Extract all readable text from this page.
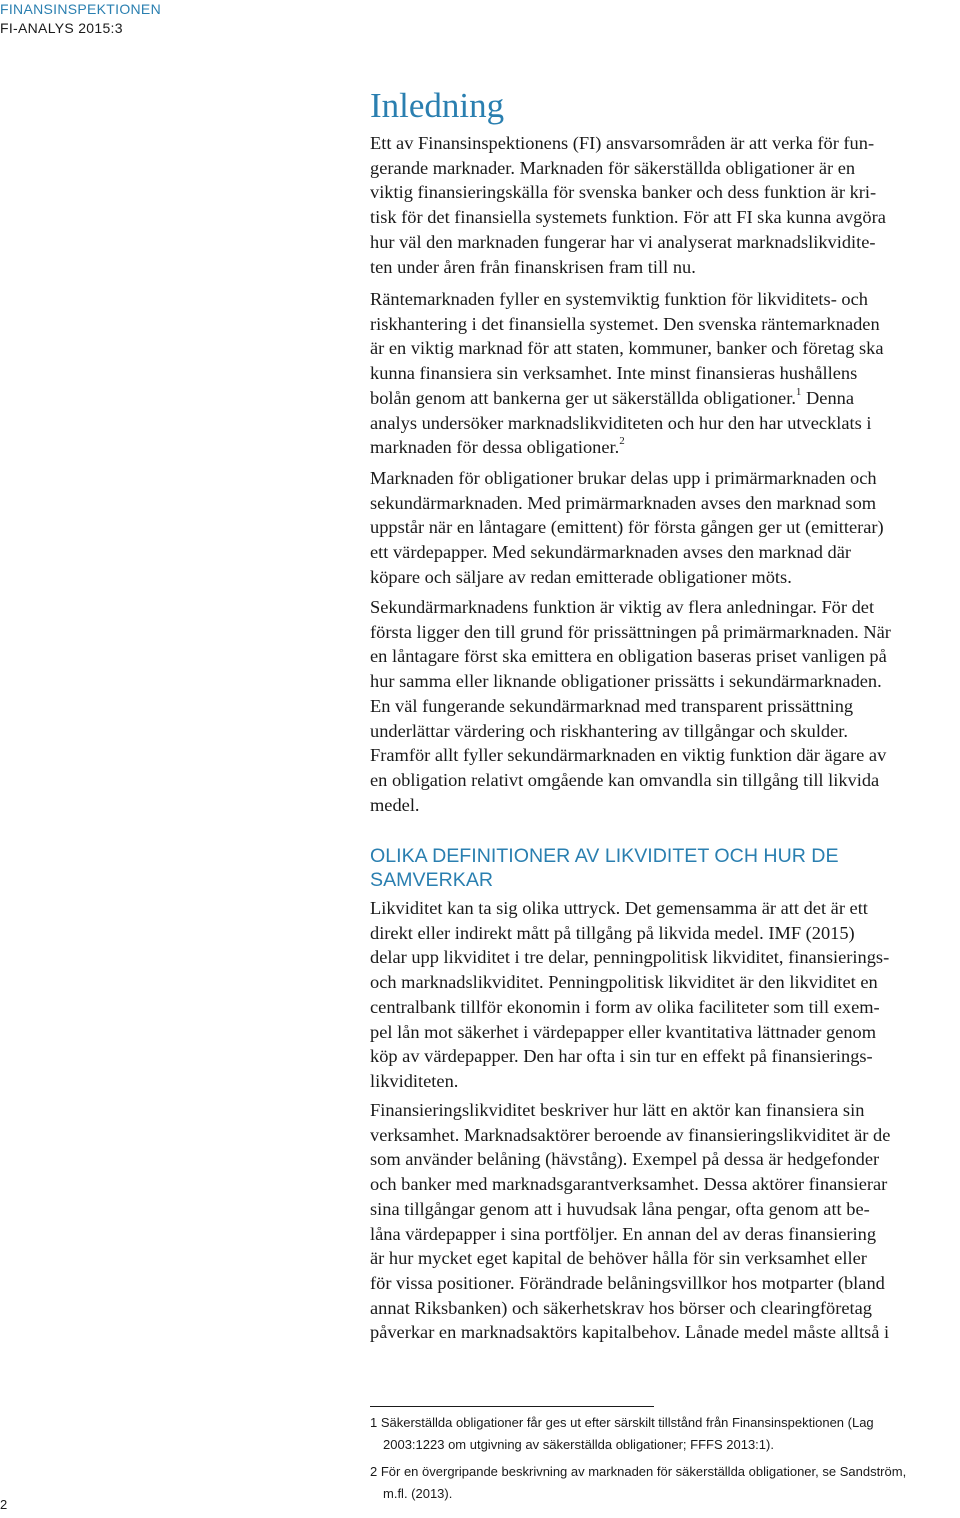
FINANSINSPEKTIONEN
FI-ANALYS 2015:3
Inledning

Ett av Finansinspektionens (FI) ansvarsområden är att verka för fun-
gerande marknader. Marknaden för säkerställda obligationer är en
viktig finansieringskälla för svenska banker och dess funktion är kri-
tisk för det finansiella systemets funktion. För att FI ska kunna avgöra
hur väl den marknaden fungerar har vi analyserat marknadslikviditе-
ten under åren från finanskrisen fram till nu.

Räntemarknaden fyller en systemviktig funktion för likviditets- och
riskhantering i det finansiella systemet. Den svenska räntemarknaden
är en viktig marknad för att staten, kommuner, banker och företag ska
kunna finansiera sin verksamhet. Inte minst finansieras hushållens
bolån genom att bankerna ger ut säkerställda obligationer.$^1$ Denna
analys undersöker marknadslikviditeten och hur den har utvecklats i
marknaden för dessa obligationer.$^2$

Marknaden för obligationer brukar delas upp i primärmarknaden och
sekundärmarknaden. Med primärmarknaden avses den marknad som
uppstår när en låntagare (emittent) för första gången ger ut (emitterar)
ett värdepapper. Med sekundärmarknaden avses den marknad där
köpare och säljare av redan emitterade obligationer möts.

Sekundärmarknadens funktion är viktig av flera anledningar. För det
första ligger den till grund för prissättningen på primärmarknaden. När
en låntagare först ska emittera en obligation baseras priset vanligen på
hur samma eller liknande obligationer prissätts i sekundärmarknaden.
En väl fungerande sekundärmarknad med transparent prissättning
underlättar värdering och riskhantering av tillgångar och skulder.
Framför allt fyller sekundärmarknaden en viktig funktion där ägare av
en obligation relativt omgående kan omvandla sin tillgång till likvida
medel.

OLIKA DEFINITIONER AV LIKVIDITET OCH HUR DE SAMVERKAR

Likviditet kan ta sig olika uttryck. Det gemensamma är att det är ett
direkt eller indirekt mått på tillgång på likvida medel. IMF (2015)
delar upp likviditet i tre delar, penningpolitisk likviditet, finansierings-
och marknadslikviditet. Penningpolitisk likviditet är den likviditet en
centralbank tillför ekonomin i form av olika faciliteter som till exem-
pel lån mot säkerhet i värdepapper eller kvantitativa lättnader genom
köp av värdepapper. Den har ofta i sin tur en effekt på finansierings-
likviditeten.

Finansieringslikviditet beskriver hur lätt en aktör kan finansiera sin
verksamhet. Marknadsaktörer beroende av finansieringslikviditet är de
som använder belåning (hävstång). Exempel på dessa är hedgefonder
och banker med marknadsgarantverksamhet. Dessa aktörer finansierar
sina tillgångar genom att i huvudsak låna pengar, ofta genom att be-
låna värdepapper i sina portföljer. En annan del av deras finansiering
är hur mycket eget kapital de behöver hålla för sin verksamhet eller
för vissa positioner. Förändrade belåningsvillkor hos motparter (bland
annat Riksbanken) och säkerhetskrav hos börser och clearingföretag
påverkar en marknadsaktörs kapitalbehov. Lånade medel måste alltså i

1 Säkerställda obligationer får ges ut efter särskilt tillstånd från Finansinspektionen (Lag
2003:1223 om utgivning av säkerställda obligationer; FFFS 2013:1).
2 För en övergripande beskrivning av marknaden för säkerställda obligationer, se Sandström,
m.fl. (2013).
2
